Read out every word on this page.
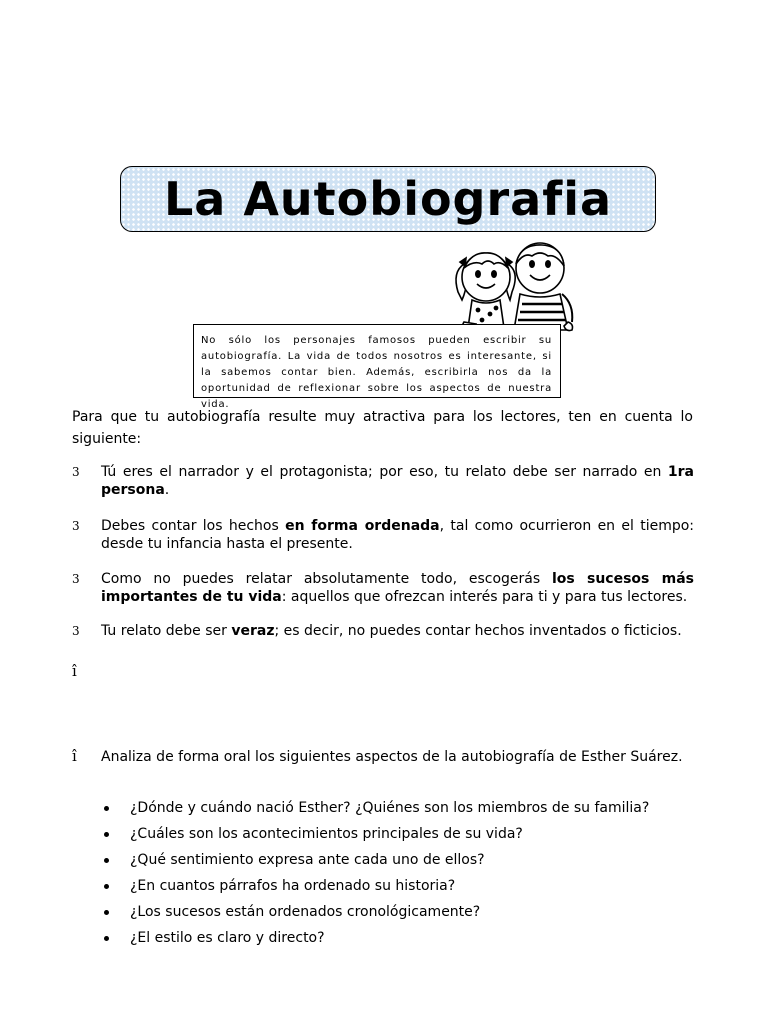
La Autobiografia
No sólo los personajes famosos pueden escribir su autobiografía. La vida de todos nosotros es interesante, si la sabemos contar bien. Además, escribirla nos da la oportunidad de reflexionar sobre los aspectos de nuestra vida.
Para que tu autobiografía resulte muy atractiva para los lectores, ten en cuenta lo siguiente:
3 Tú eres el narrador y el protagonista; por eso, tu relato debe ser narrado en 1ra persona.
3 Debes contar los hechos en forma ordenada, tal como ocurrieron en el tiempo: desde tu infancia hasta el presente.
3 Como no puedes relatar absolutamente todo, escogerás los sucesos más importantes de tu vida: aquellos que ofrezcan interés para ti y para tus lectores.
3 Tu relato debe ser veraz; es decir, no puedes contar hechos inventados o ficticios.
î
î Analiza de forma oral los siguientes aspectos de la autobiografía de Esther Suárez.
¿Dónde y cuándo nació Esther? ¿Quiénes son los miembros de su familia?
¿Cuáles son los acontecimientos principales de su vida?
¿Qué sentimiento expresa ante cada uno de ellos?
¿En cuantos párrafos ha ordenado su historia?
¿Los sucesos están ordenados cronológicamente?
¿El estilo es claro y directo?
